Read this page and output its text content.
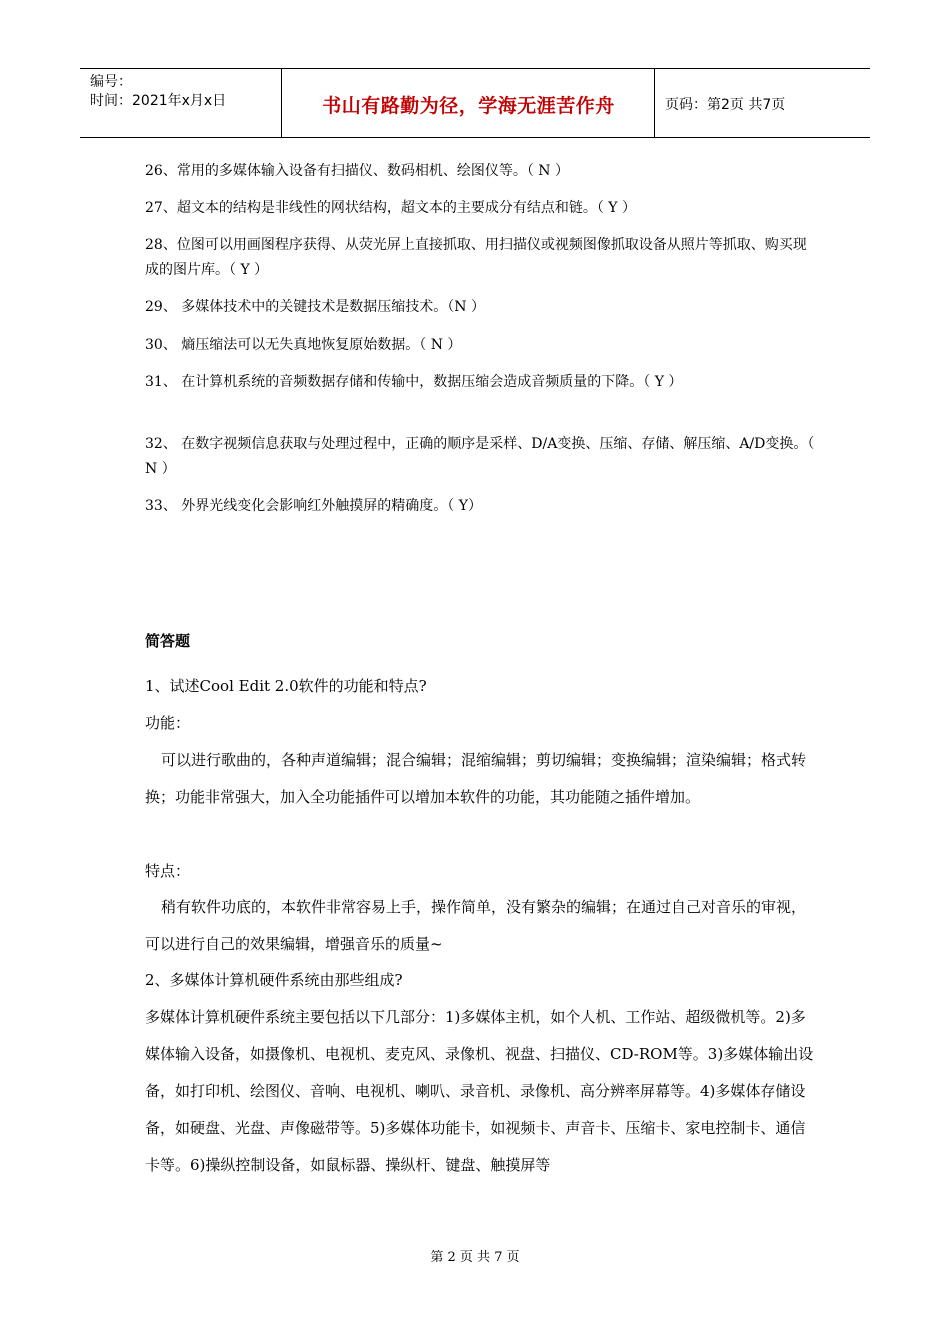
编号：
时间：2021年x月x日	书山有路勤为径，学海无涯苦作舟	页码：第2页 共7页
26、常用的多媒体输入设备有扫描仪、数码相机、绘图仪等。（ N ）
27、超文本的结构是非线性的网状结构，超文本的主要成分有结点和链。（ Y ）
28、位图可以用画图程序获得、从荧光屏上直接抓取、用扫描仪或视频图像抓取设备从照片等抓取、购买现成的图片库。（ Y ）
29、 多媒体技术中的关键技术是数据压缩技术。（N ）
30、 熵压缩法可以无失真地恢复原始数据。（ N ）
31、 在计算机系统的音频数据存储和传输中，数据压缩会造成音频质量的下降。（ Y ）
32、 在数字视频信息获取与处理过程中，正确的顺序是采样、D/A变换、压缩、存储、解压缩、A/D变换。（ N ）
33、 外界光线变化会影响红外触摸屏的精确度。（ Y）
简答题
1、试述Cool Edit 2.0软件的功能和特点?
功能：
可以进行歌曲的，各种声道编辑；混合编辑；混缩编辑；剪切编辑；变换编辑；渲染编辑；格式转换；功能非常强大，加入全功能插件可以增加本软件的功能，其功能随之插件增加。
特点：
稍有软件功底的，本软件非常容易上手，操作简单，没有繁杂的编辑；在通过自己对音乐的审视，可以进行自己的效果编辑，增强音乐的质量~
2、多媒体计算机硬件系统由那些组成?
多媒体计算机硬件系统主要包括以下几部分：1)多媒体主机，如个人机、工作站、超级微机等。2)多媒体输入设备，如摄像机、电视机、麦克风、录像机、视盘、扫描仪、CD-ROM等。3)多媒体输出设备，如打印机、绘图仪、音响、电视机、喇叭、录音机、录像机、高分辨率屏幕等。4)多媒体存储设备，如硬盘、光盘、声像磁带等。5)多媒体功能卡，如视频卡、声音卡、压缩卡、家电控制卡、通信卡等。6)操纵控制设备，如鼠标器、操纵杆、键盘、触摸屏等
第 2 页 共 7 页
